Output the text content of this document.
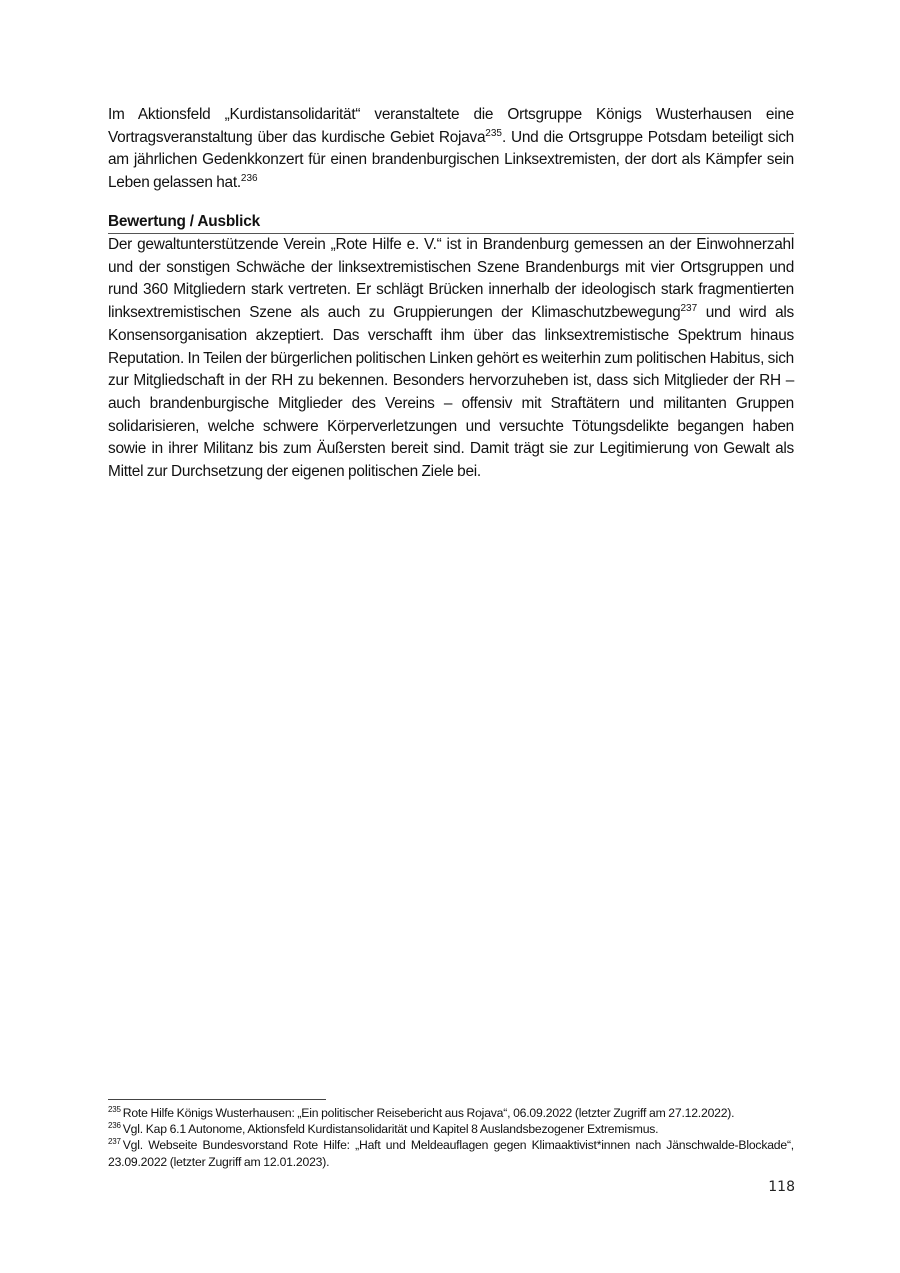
Im Aktionsfeld „Kurdistansolidarität“ veranstaltete die Ortsgruppe Königs Wusterhausen eine Vortragsveranstaltung über das kurdische Gebiet Rojava$^{235}$. Und die Ortsgruppe Potsdam beteiligt sich am jährlichen Gedenkkonzert für einen brandenburgischen Linksextremisten, der dort als Kämpfer sein Leben gelassen hat.$^{236}$

Bewertung / Ausblick

Der gewaltunterstützende Verein „Rote Hilfe e. V.“ ist in Brandenburg gemessen an der Einwohnerzahl und der sonstigen Schwäche der linksextremistischen Szene Brandenburgs mit vier Ortsgruppen und rund 360 Mitgliedern stark vertreten. Er schlägt Brücken innerhalb der ideologisch stark fragmentierten linksextremistischen Szene als auch zu Gruppierungen der Klimaschutzbewegung$^{237}$ und wird als Konsensorganisation akzeptiert. Das verschafft ihm über das linksextremistische Spektrum hinaus Reputation. In Teilen der bürgerlichen politischen Linken gehört es weiterhin zum politischen Habitus, sich zur Mitgliedschaft in der RH zu bekennen. Besonders hervorzuheben ist, dass sich Mitglieder der RH – auch brandenburgische Mitglieder des Vereins – offensiv mit Straftätern und militanten Gruppen solidarisieren, welche schwere Körperverletzungen und versuchte Tötungsdelikte begangen haben sowie in ihrer Militanz bis zum Äußersten bereit sind. Damit trägt sie zur Legitimierung von Gewalt als Mittel zur Durchsetzung der eigenen politischen Ziele bei.

$^{235}$ Rote Hilfe Königs Wusterhausen: „Ein politischer Reisebericht aus Rojava“, 06.09.2022 (letzter Zugriff am 27.12.2022).

$^{236}$ Vgl. Kap 6.1 Autonome, Aktionsfeld Kurdistansolidarität und Kapitel 8 Auslandsbezogener Extremismus.

$^{237}$ Vgl. Webseite Bundesvorstand Rote Hilfe: „Haft und Meldeauflagen gegen Klimaaktivist*innen nach Jänschwalde-Blockade“, 23.09.2022 (letzter Zugriff am 12.01.2023).

118
